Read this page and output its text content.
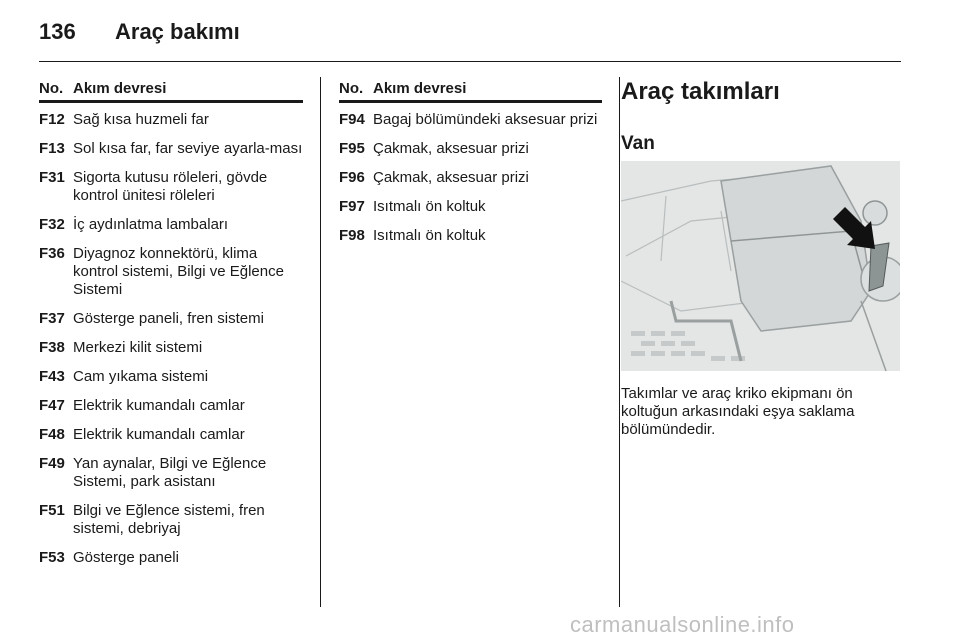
136 Araç bakımı
No. Akım devresi
F12 Sağ kısa huzmeli far
F13 Sol kısa far, far seviye ayarla-ması
F31 Sigorta kutusu röleleri, gövde kontrol ünitesi röleleri
F32 İç aydınlatma lambaları
F36 Diyagnoz konnektörü, klima kontrol sistemi, Bilgi ve Eğlence Sistemi
F37 Gösterge paneli, fren sistemi
F38 Merkezi kilit sistemi
F43 Cam yıkama sistemi
F47 Elektrik kumandalı camlar
F48 Elektrik kumandalı camlar
F49 Yan aynalar, Bilgi ve Eğlence Sistemi, park asistanı
F51 Bilgi ve Eğlence sistemi, fren sistemi, debriyaj
F53 Gösterge paneli
No. Akım devresi
F94 Bagaj bölümündeki aksesuar prizi
F95 Çakmak, aksesuar prizi
F96 Çakmak, aksesuar prizi
F97 Isıtmalı ön koltuk
F98 Isıtmalı ön koltuk
Araç takımları
Van
Takımlar ve araç kriko ekipmanı ön koltuğun arkasındaki eşya saklama bölümündedir.
carmanualsonline.info
